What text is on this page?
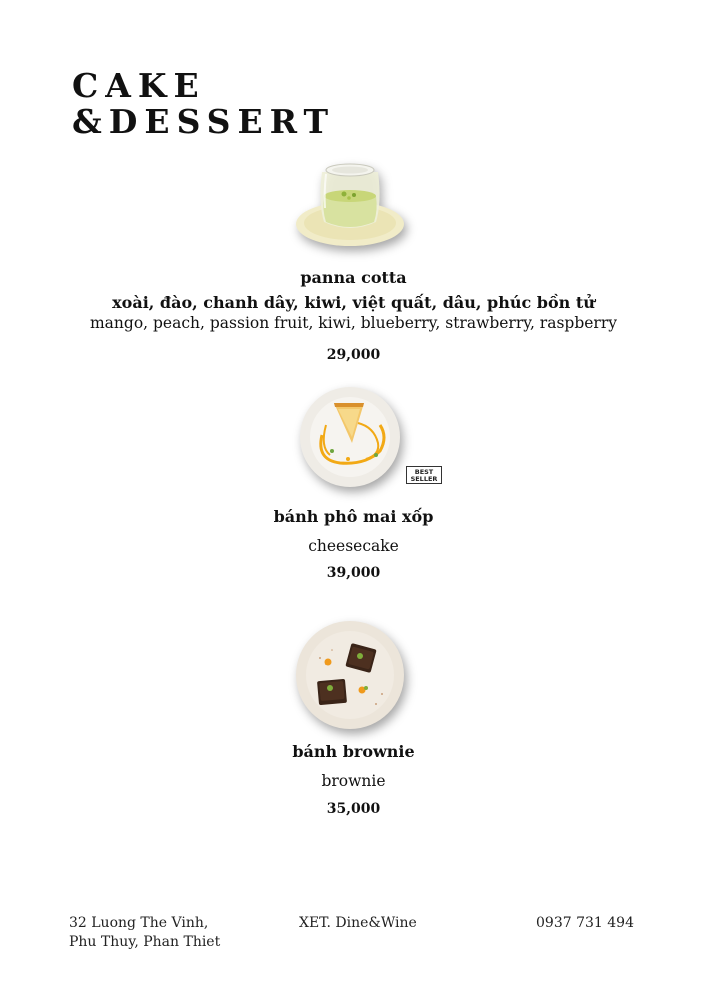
CAKE
&DESSERT
panna cotta
xoài, đào, chanh dây, kiwi, việt quất, dâu, phúc bồn tử
mango, peach, passion fruit, kiwi, blueberry, strawberry, raspberry
29,000
BEST
SELLER
bánh phô mai xốp
cheesecake
39,000
bánh brownie
brownie
35,000
32 Luong The Vinh,
Phu Thuy, Phan Thiet
XET. Dine&Wine	0937 731 494
